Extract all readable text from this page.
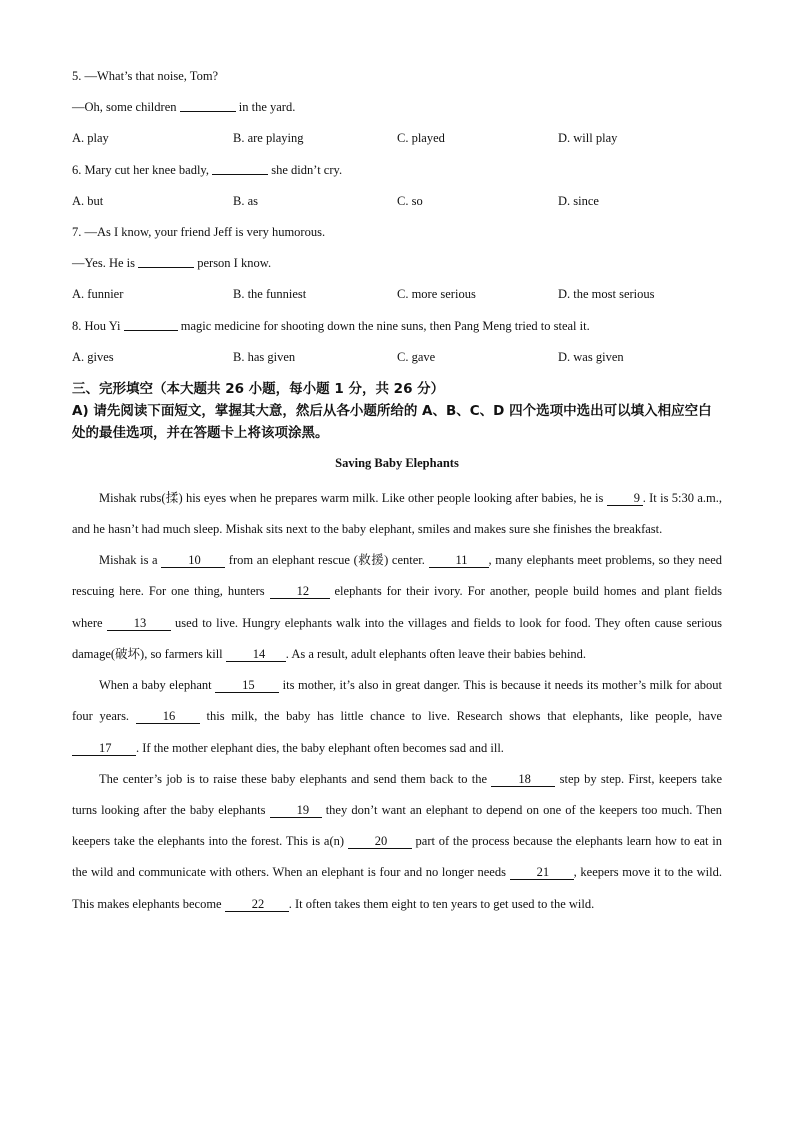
5. —What’s that noise, Tom?
—Oh, some children	in the yard.
A. play	B. are playing	C. played	D. will play
6. Mary cut her knee badly,	she didn’t cry.
A. but	B. as	C. so	D. since
7. —As I know, your friend Jeff is very humorous.
—Yes. He is	person I know.
A. funnier	B. the funniest	C. more serious	D. the most serious
8. Hou Yi	magic medicine for shooting down the nine suns, then Pang Meng tried to steal it.
A. gives	B. has given	C. gave	D. was given
三、完形填空（本大题共 26 小题，每小题 1 分，共 26 分）
A) 请先阅读下面短文，掌握其大意，然后从各小题所给的 A、B、C、D 四个选项中选出可以填入相应空白处的最佳选项，并在答题卡上将该项涂黑。
Saving Baby Elephants

Mishak rubs(揉) his eyes when he prepares warm milk. Like other people looking after babies, he is 9 . It is 5:30 a.m., and he hasn’t had much sleep. Mishak sits next to the baby elephant, smiles and makes sure she finishes the breakfast.

Mishak is a 10 from an elephant rescue (救援) center. 11 , many elephants meet problems, so they need rescuing here. For one thing, hunters 12 elephants for their ivory. For another, people build homes and plant fields where 13 used to live. Hungry elephants walk into the villages and fields to look for food. They often cause serious damage(破坏), so farmers kill 14 . As a result, adult elephants often leave their babies behind.

When a baby elephant 15 its mother, it’s also in great danger. This is because it needs its mother’s milk for about four years. 16 this milk, the baby has little chance to live. Research shows that elephants, like people, have 17 . If the mother elephant dies, the baby elephant often becomes sad and ill.

The center’s job is to raise these baby elephants and send them back to the 18 step by step. First, keepers take turns looking after the baby elephants 19 they don’t want an elephant to depend on one of the keepers too much. Then keepers take the elephants into the forest. This is a(n) 20 part of the process because the elephants learn how to eat in the wild and communicate with others. When an elephant is four and no longer needs 21 , keepers move it to the wild. This makes elephants become 22 . It often takes them eight to ten years to get used to the wild.
